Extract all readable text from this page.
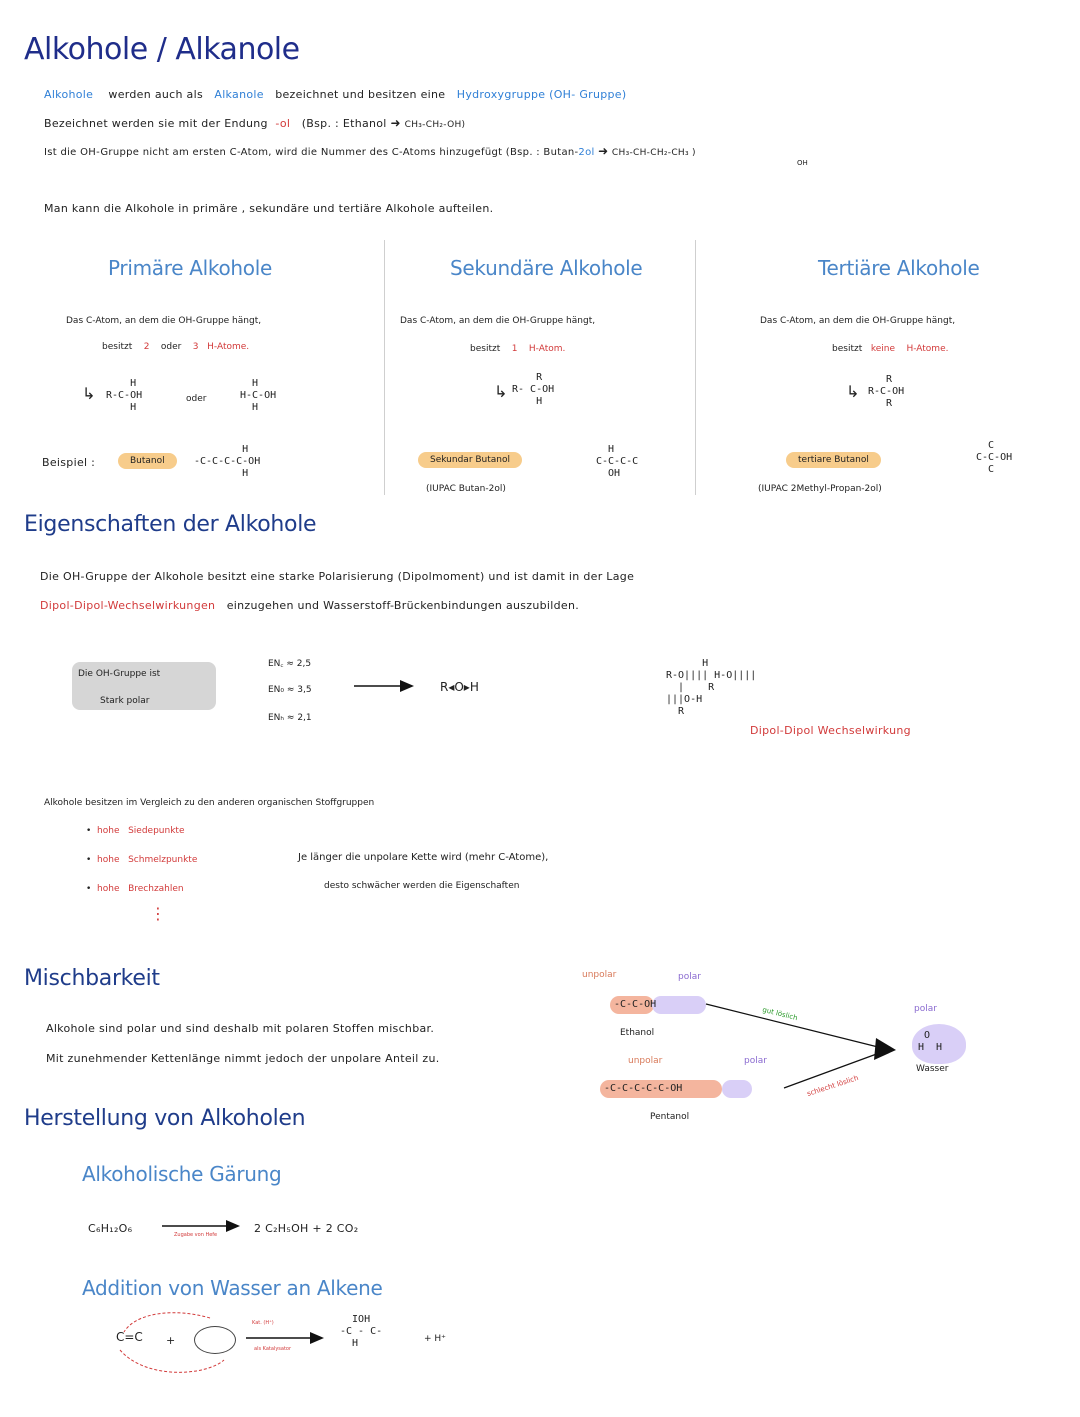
Alkohole / Alkanole
Alkohole werden auch als Alkanole bezeichnet und besitzen eine Hydroxygruppe (OH- Gruppe)
Bezeichnet werden sie mit der Endung -ol (Bsp. : Ethanol ➜ CH₃-CH₂-OH)
Ist die OH-Gruppe nicht am ersten C-Atom, wird die Nummer des C-Atoms hinzugefügt (Bsp. : Butan-2ol ➜ CH₃-CH-CH₂-CH₃ )
OH
Man kann die Alkohole in primäre , sekundäre und tertiäre Alkohole aufteilen.
Primäre Alkohole
Das C-Atom, an dem die OH-Gruppe hängt,
besitzt 2 oder 3 H-Atome.
↳
H
R-C-OH
H
oder
H
H-C-OH
H
Beispiel :	Butanol
H
-C-C-C-C-OH
H
Sekundäre Alkohole
Das C-Atom, an dem die OH-Gruppe hängt,
besitzt 1 H-Atom.
↳
R
R- C-OH
H
Sekundar Butanol
(IUPAC Butan-2ol)
H
C-C-C-C
OH
Tertiäre Alkohole
Das C-Atom, an dem die OH-Gruppe hängt,
besitzt keine H-Atome.
↳
R
R-C-OH
R
tertiare Butanol
(IUPAC 2Methyl-Propan-2ol)
C
C-C-OH
C
Eigenschaften der Alkohole
Die OH-Gruppe der Alkohole besitzt eine starke Polarisierung (Dipolmoment) und ist damit in der Lage
Dipol-Dipol-Wechselwirkungen einzugehen und Wasserstoff-Brückenbindungen auszubilden.
Die OH-Gruppe ist
Stark polar
EN꜀ ≈ 2,5
EN₀ ≈ 3,5
ENₕ ≈ 2,1
R◂O▸H
H
R-O|||| H-O||||
|    R
|||O-H
R
Dipol-Dipol Wechselwirkung
Alkohole besitzen im Vergleich zu den anderen organischen Stoffgruppen
•  hohe Siedepunkte
•  hohe Schmelzpunkte
•  hohe Brechzahlen
⋮
Je länger die unpolare Kette wird (mehr C-Atome),
desto schwächer werden die Eigenschaften
Mischbarkeit
Alkohole sind polar und sind deshalb mit polaren Stoffen mischbar.
Mit zunehmender Kettenlänge nimmt jedoch der unpolare Anteil zu.
unpolar	polar
-C-C-OH
Ethanol
unpolar	polar
-C-C-C-C-C-OH
Pentanol
gut löslich
schlecht löslich
polar
O
H  H
Wasser
Herstellung von Alkoholen
Alkoholische Gärung
C₆H₁₂O₆	Zugabe von Hefe	2 C₂H₅OH + 2 CO₂
Addition von Wasser an Alkene
C=C +
Kat. (H⁺)
als Katalysator
IOH
-C - C-
H	+ H⁺
